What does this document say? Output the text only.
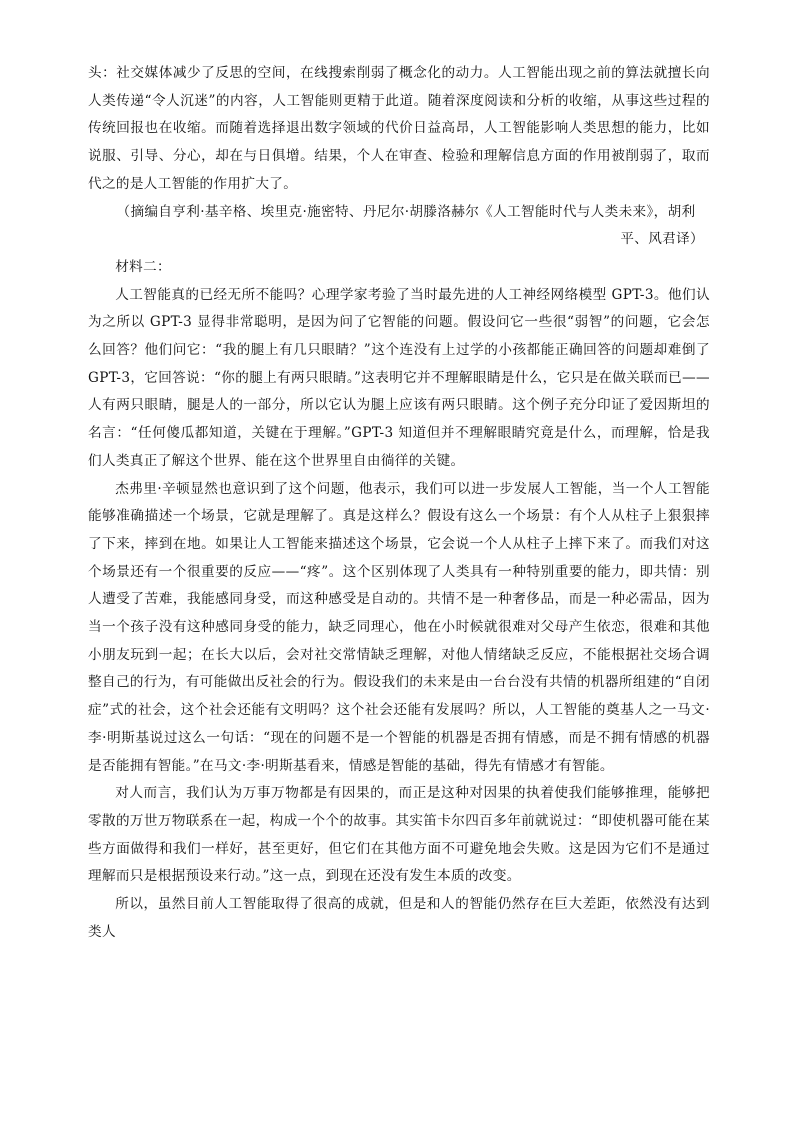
头：社交媒体减少了反思的空间，在线搜索削弱了概念化的动力。人工智能出现之前的算法就擅长向人类传递“令人沉迷”的内容，人工智能则更精于此道。随着深度阅读和分析的收缩，从事这些过程的传统回报也在收缩。而随着选择退出数字领域的代价日益高昂，人工智能影响人类思想的能力，比如说服、引导、分心，却在与日俱增。结果，个人在审查、检验和理解信息方面的作用被削弱了，取而代之的是人工智能的作用扩大了。

（摘编自亨利·基辛格、埃里克·施密特、丹尼尔·胡滕洛赫尔《人工智能时代与人类未来》，胡利
平、风君译）

材料二：

人工智能真的已经无所不能吗？心理学家考验了当时最先进的人工神经网络模型 GPT-3。他们认为之所以 GPT-3 显得非常聪明，是因为问了它智能的问题。假设问它一些很“弱智”的问题，它会怎么回答？他们问它：“我的腿上有几只眼睛？”这个连没有上过学的小孩都能正确回答的问题却难倒了 GPT-3，它回答说：“你的腿上有两只眼睛。”这表明它并不理解眼睛是什么，它只是在做关联而已——人有两只眼睛，腿是人的一部分，所以它认为腿上应该有两只眼睛。这个例子充分印证了爱因斯坦的名言：“任何傻瓜都知道，关键在于理解。”GPT-3 知道但并不理解眼睛究竟是什么，而理解，恰是我们人类真正了解这个世界、能在这个世界里自由徜徉的关键。

杰弗里·辛顿显然也意识到了这个问题，他表示，我们可以进一步发展人工智能，当一个人工智能能够准确描述一个场景，它就是理解了。真是这样么？假设有这么一个场景：有个人从柱子上狠狠摔了下来，摔到在地。如果让人工智能来描述这个场景，它会说一个人从柱子上摔下来了。而我们对这个场景还有一个很重要的反应——“疼”。这个区别体现了人类具有一种特别重要的能力，即共情：别人遭受了苦难，我能感同身受，而这种感受是自动的。共情不是一种奢侈品，而是一种必需品，因为当一个孩子没有这种感同身受的能力，缺乏同理心，他在小时候就很难对父母产生依恋，很难和其他小朋友玩到一起；在长大以后，会对社交常情缺乏理解，对他人情绪缺乏反应，不能根据社交场合调整自己的行为，有可能做出反社会的行为。假设我们的未来是由一台台没有共情的机器所组建的“自闭症”式的社会，这个社会还能有文明吗？这个社会还能有发展吗？所以，人工智能的奠基人之一马文·李·明斯基说过这么一句话：“现在的问题不是一个智能的机器是否拥有情感，而是不拥有情感的机器是否能拥有智能。”在马文·李·明斯基看来，情感是智能的基础，得先有情感才有智能。

对人而言，我们认为万事万物都是有因果的，而正是这种对因果的执着使我们能够推理，能够把零散的万世万物联系在一起，构成一个个的故事。其实笛卡尔四百多年前就说过：“即使机器可能在某些方面做得和我们一样好，甚至更好，但它们在其他方面不可避免地会失败。这是因为它们不是通过理解而只是根据预设来行动。”这一点，到现在还没有发生本质的改变。

所以，虽然目前人工智能取得了很高的成就，但是和人的智能仍然存在巨大差距，依然没有达到类人
